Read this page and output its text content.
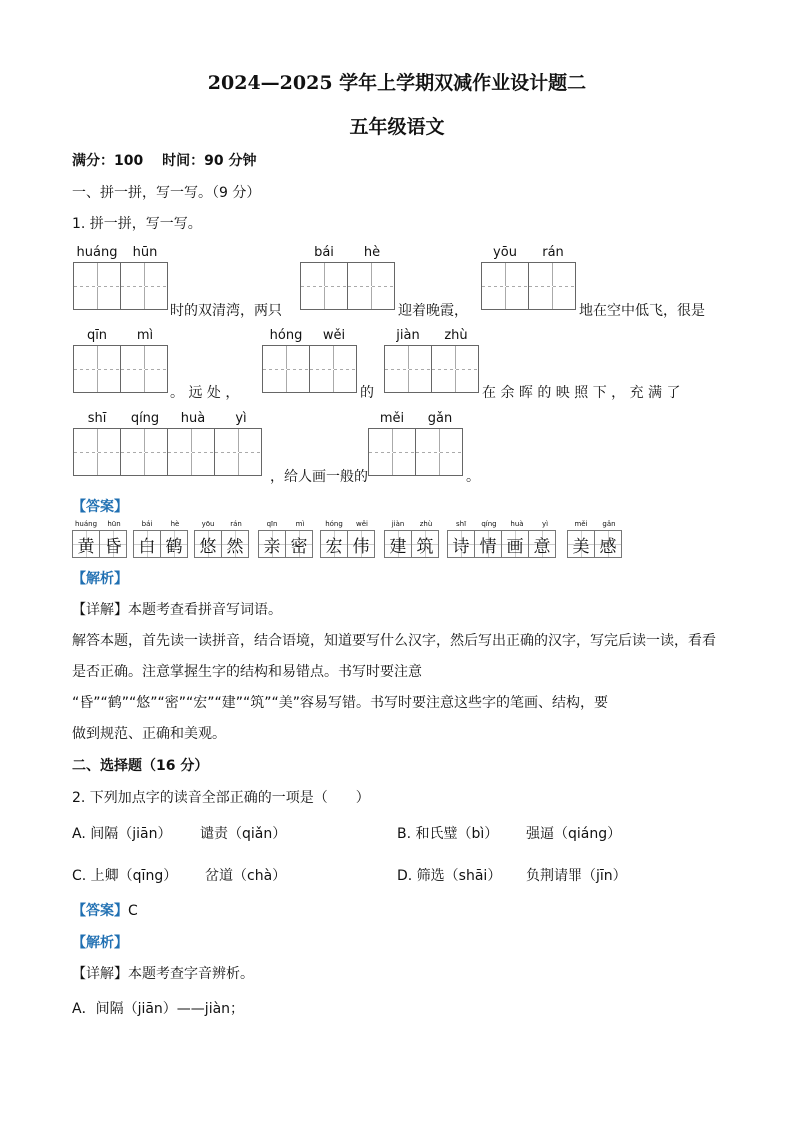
2024—2025 学年上学期双减作业设计题二
五年级语文
满分：100　 时间：90 分钟
一、拼一拼，写一写。（9 分）
1. 拼一拼，写一写。
huáng	hūn
时的双清湾，两只
bái	hè
迎着晚霞，
yōu	rán
地在空中低飞，很是
qīn	mì
。 远 处 ，
hóng	wěi
的
jiàn	zhù
在 余 晖 的 映 照 下 ， 充 满 了
shī	qíng	huà	yì
，给人画一般的
měi	gǎn
。
【答案】
huáng	hūn
黄 昏
bái	hè
白 鹤
yōu	rán
悠 然
qīn	mì
亲 密
hóng	wěi
宏 伟
jiàn	zhù
建 筑
shī	qíng	huà	yì
诗 情 画 意
měi	gǎn
美 感
【解析】
【详解】本题考查看拼音写词语。
解答本题，首先读一读拼音，结合语境，知道要写什么汉字，然后写出正确的汉字，写完后读一读，看看
是否正确。注意掌握生字的结构和易错点。书写时要注意
“昏”“鹤”“悠”“密”“宏”“建”“筑”“美”容易写错。书写时要注意这些字的笔画、结构，要
做到规范、正确和美观。
二、选择题（16 分）
2. 下列加点字的读音全部正确的一项是（　　）
A. 间隔（jiān） 谴责（qiǎn）	B. 和氏璧（bì） 强逼（qiáng）
C. 上卿（qīng） 岔道（chà）	D. 筛选（shāi） 负荆请罪（jīn）
【答案】C
【解析】
【详解】本题考查字音辨析。
A．间隔（jiān）——jiàn；
